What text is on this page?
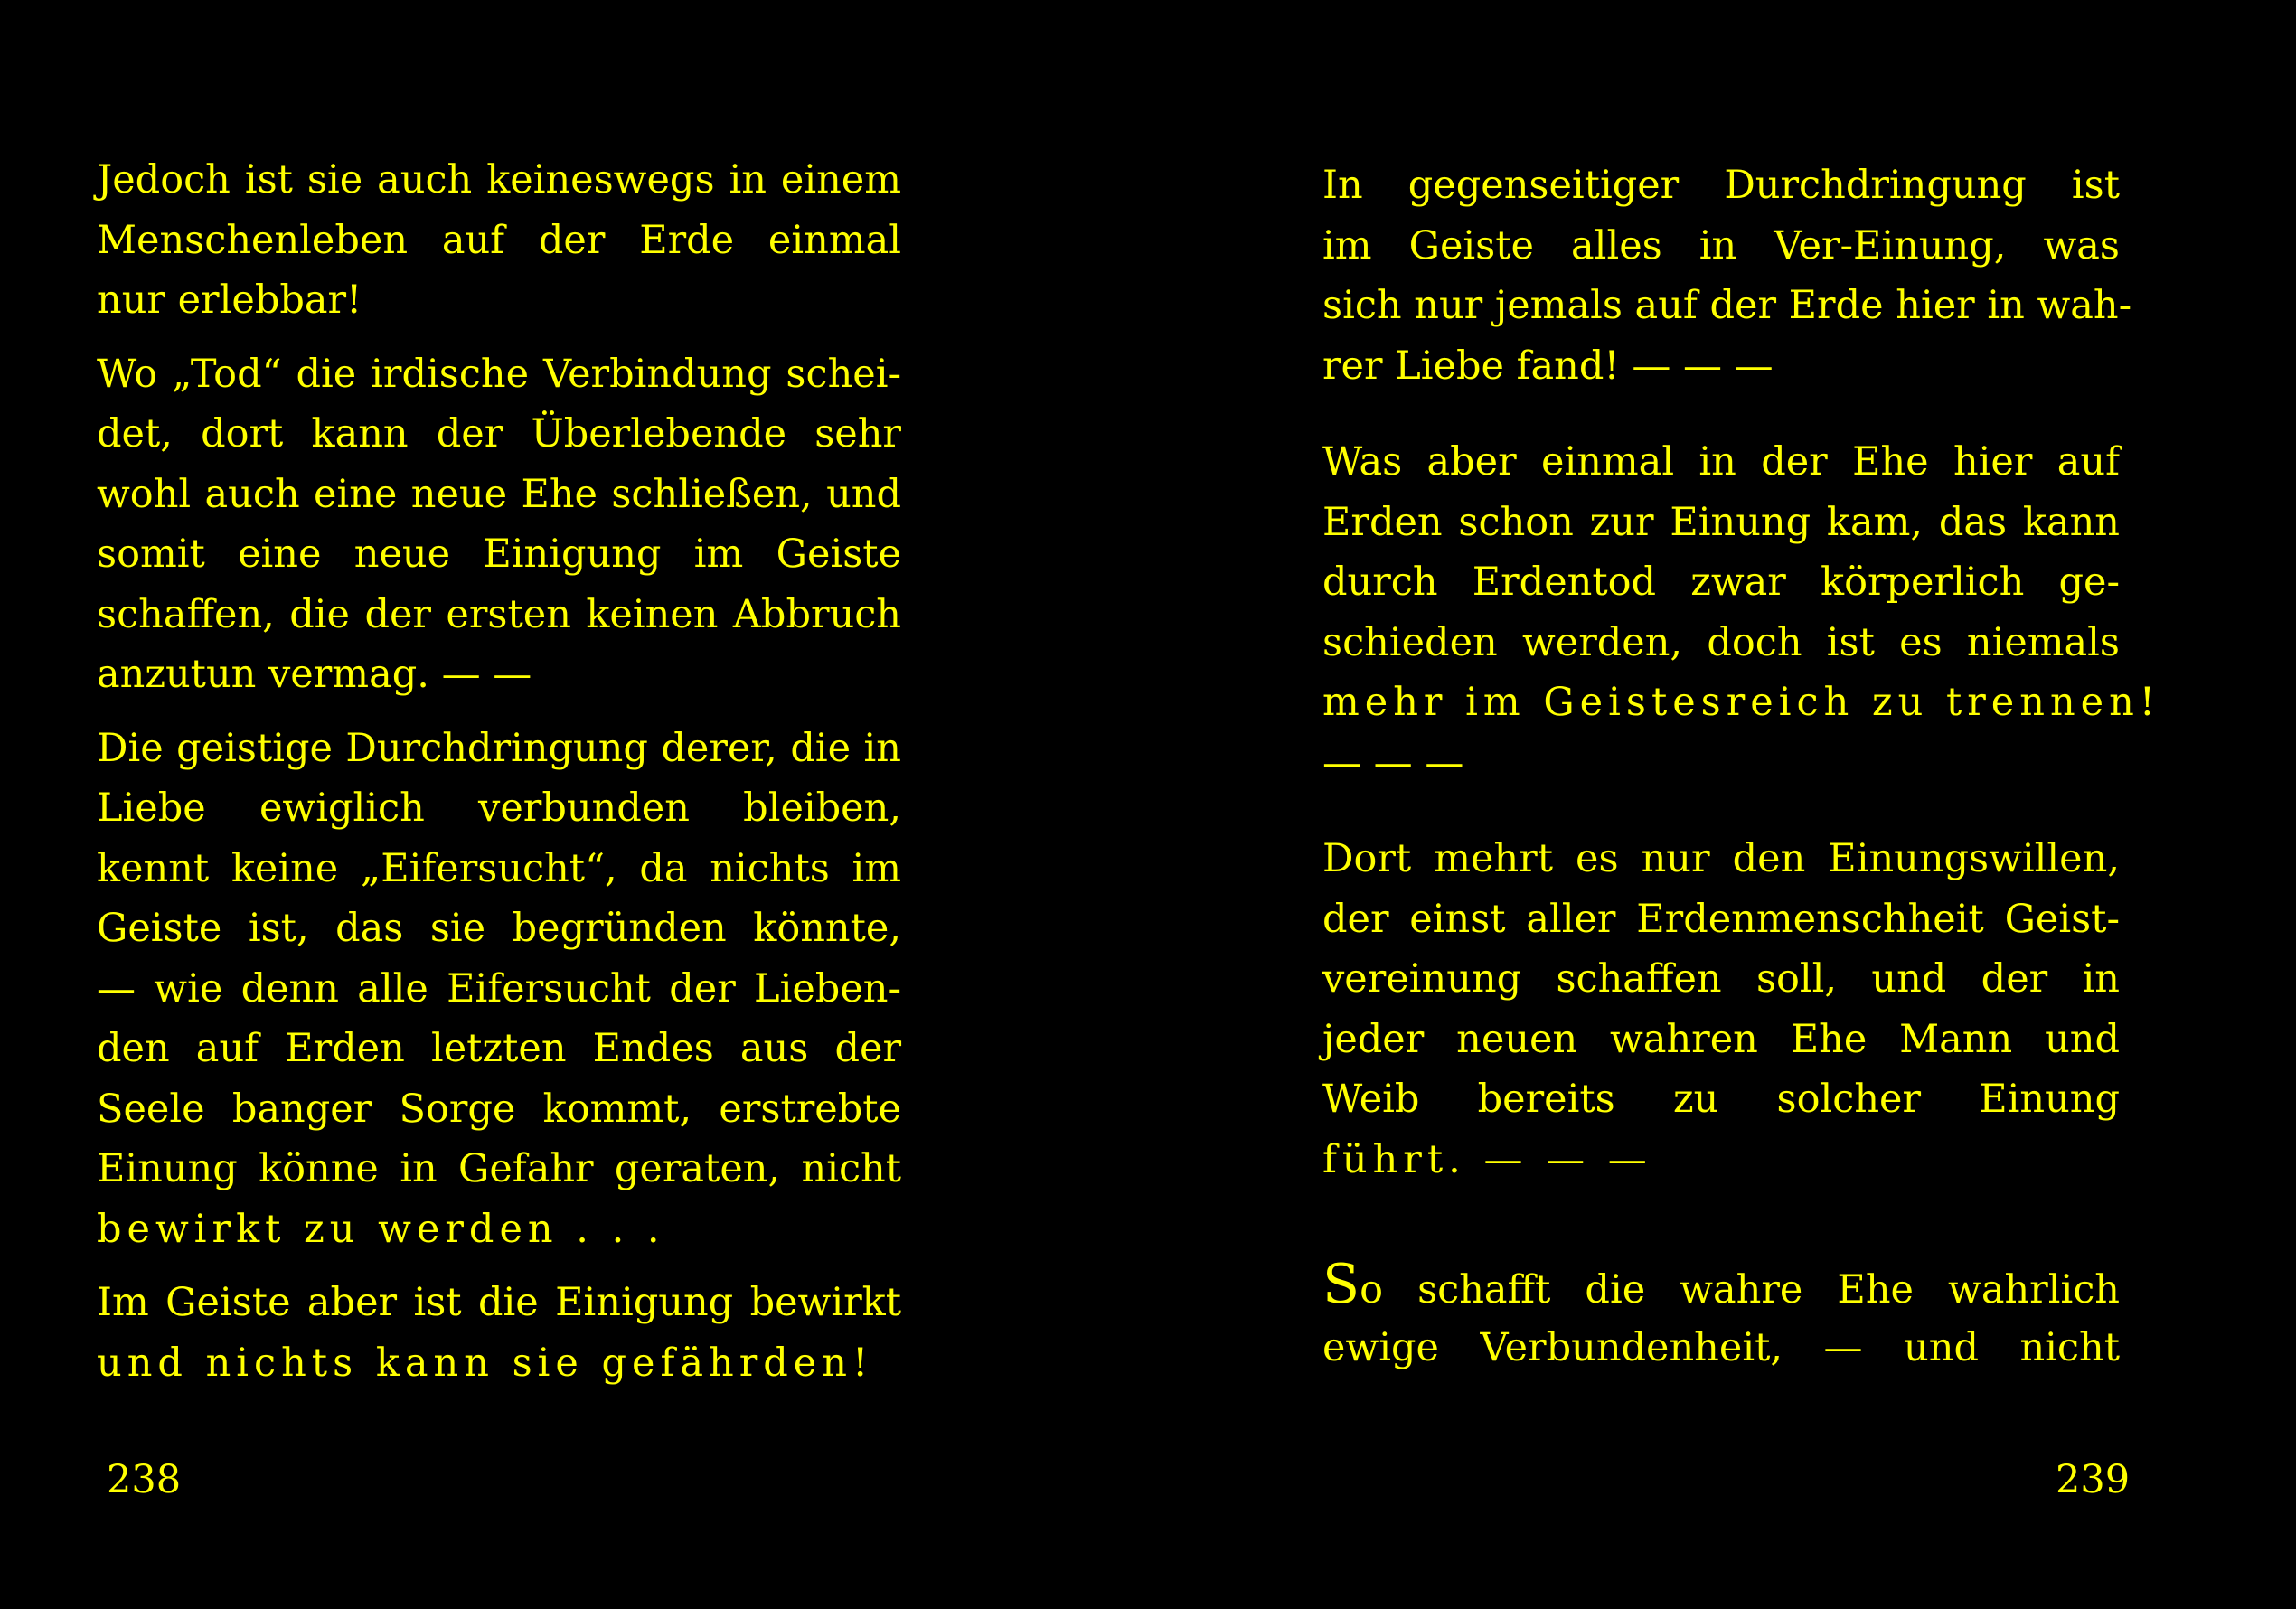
Jedoch ist sie auch keineswegs in einem
Menschenleben auf der Erde einmal
nur erlebbar!
Wo „Tod“ die irdische Verbindung schei-
det, dort kann der Überlebende sehr
wohl auch eine neue Ehe schließen, und
somit eine neue Einigung im Geiste
schaffen, die der ersten keinen Abbruch
anzutun vermag. — —
Die geistige Durchdringung derer, die in
Liebe ewiglich verbunden bleiben,
kennt keine „Eifersucht“, da nichts im
Geiste ist, das sie begründen könnte,
— wie denn alle Eifersucht der Lieben-
den auf Erden letzten Endes aus der
Seele banger Sorge kommt, erstrebte
Einung könne in Gefahr geraten, nicht
bewirkt zu werden . . .
Im Geiste aber ist die Einigung bewirkt
und nichts kann sie gefährden!
238
In gegenseitiger Durchdringung ist
im Geiste alles in Ver-Einung, was
sich nur jemals auf der Erde hier in wah-
rer Liebe fand! — — —
Was aber einmal in der Ehe hier auf
Erden schon zur Einung kam, das kann
durch Erdentod zwar körperlich ge-
schieden werden, doch ist es niemals
mehr im Geistesreich zu trennen!
— — —
Dort mehrt es nur den Einungswillen,
der einst aller Erdenmenschheit Geist-
vereinung schaffen soll, und der in
jeder neuen wahren Ehe Mann und
Weib bereits zu solcher Einung
führt. — — —
So schafft die wahre Ehe wahrlich
ewige Verbundenheit, — und nicht
239
